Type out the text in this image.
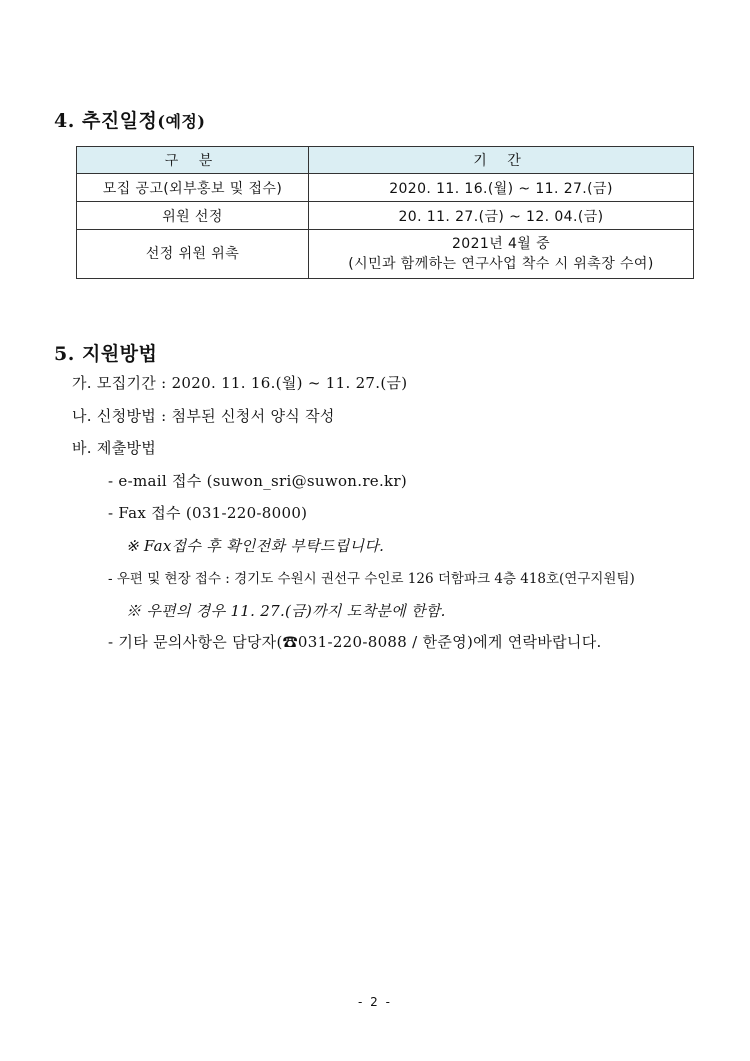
4. 추진일정(예정)
구 분	기 간
모집 공고(외부홍보 및 접수)	2020. 11. 16.(월) ~ 11. 27.(금)
위원 선정	20. 11. 27.(금) ~ 12. 04.(금)
선정 위원 위촉	2021년 4월 중
(시민과 함께하는 연구사업 착수 시 위촉장 수여)
5. 지원방법
가. 모집기간 : 2020. 11. 16.(월) ~ 11. 27.(금)
나. 신청방법 : 첨부된 신청서 양식 작성
바. 제출방법
- e-mail 접수 (suwon_sri@suwon.re.kr)
- Fax 접수 (031-220-8000)
※ Fax접수 후 확인전화 부탁드립니다.
- 우편 및 현장 접수 : 경기도 수원시 권선구 수인로 126 더함파크 4층 418호(연구지원팀)
※ 우편의 경우 11. 27.(금)까지 도착분에 한함.
- 기타 문의사항은 담당자(☎031-220-8088 / 한준영)에게 연락바랍니다.
- 2 -
